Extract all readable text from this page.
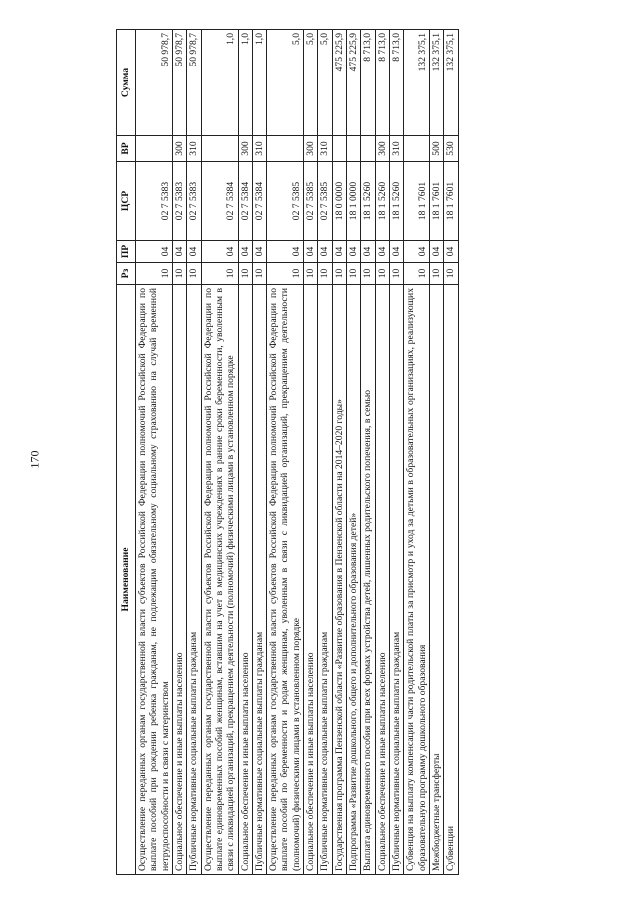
170
Наименование	Рз	ПР	ЦСР	ВР	Сумма
Осуществление переданных органам государственной власти субъектов Российской Федерации полномочий Российской Федерации по выплате пособий при рождении ребенка гражданам, не подлежащим обязательному социальному страхованию на случай временной нетрудоспособности и в связи с материнством	10	04	02 7 5383		50 978,7
Социальное обеспечение и иные выплаты населению	10	04	02 7 5383	300	50 978,7
Публичные нормативные социальные выплаты гражданам	10	04	02 7 5383	310	50 978,7
Осуществление переданных органам государственной власти субъектов Российской Федерации полномочий Российской Федерации по выплате единовременных пособий женщинам, вставшим на учет в медицинских учреждениях в ранние сроки беременности, уволенным в связи с ликвидацией организаций, прекращением деятельности (полномочий) физическими лицами в установленном порядке	10	04	02 7 5384		1,0
Социальное обеспечение и иные выплаты населению	10	04	02 7 5384	300	1,0
Публичные нормативные социальные выплаты гражданам	10	04	02 7 5384	310	1,0
Осуществление переданных органам государственной власти субъектов Российской Федерации полномочий Российской Федерации по выплате пособий по беременности и родам женщинам, уволенным в связи с ликвидацией организаций, прекращением деятельности (полномочий) физическими лицами в установленном порядке	10	04	02 7 5385		5,0
Социальное обеспечение и иные выплаты населению	10	04	02 7 5385	300	5,0
Публичные нормативные социальные выплаты гражданам	10	04	02 7 5385	310	5,0
Государственная программа Пензенской области «Развитие образования в Пензенской области на 2014–2020 годы»	10	04	18 0 0000		475 225,9
Подпрограмма «Развитие дошкольного, общего и дополнительного образования детей»	10	04	18 1 0000		475 225,9
Выплата единовременного пособия при всех формах устройства детей, лишенных родительского попечения, в семью	10	04	18 1 5260		8 713,0
Социальное обеспечение и иные выплаты населению	10	04	18 1 5260	300	8 713,0
Публичные нормативные социальные выплаты гражданам	10	04	18 1 5260	310	8 713,0
Субвенция на выплату компенсации части родительской платы за присмотр и уход за детьми в образовательных организациях, реализующих образовательную программу дошкольного образования	10	04	18 1 7601		132 375,1
Межбюджетные трансферты	10	04	18 1 7601	500	132 375,1
Субвенции	10	04	18 1 7601	530	132 375,1
